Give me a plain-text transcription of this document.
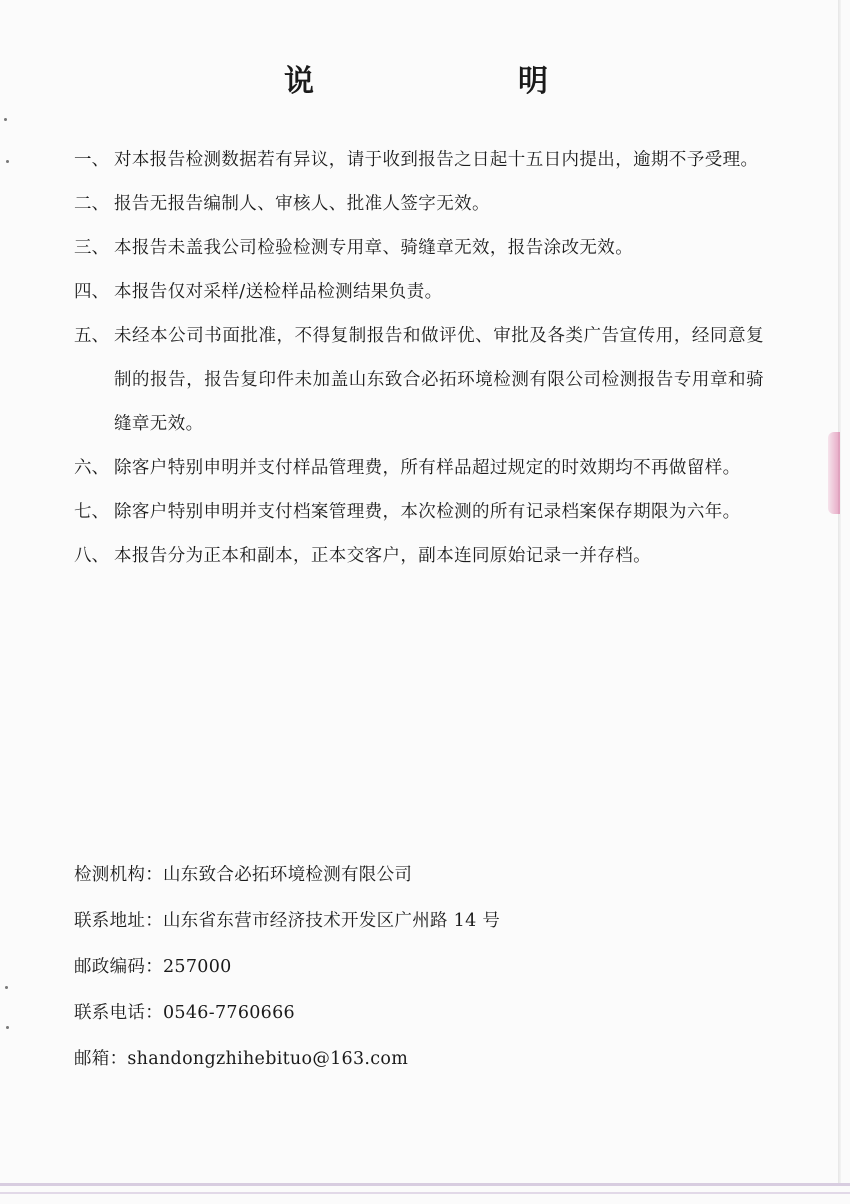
说	明
一、 对本报告检测数据若有异议，请于收到报告之日起十五日内提出，逾期不予受理。
二、 报告无报告编制人、审核人、批准人签字无效。
三、 本报告未盖我公司检验检测专用章、骑缝章无效，报告涂改无效。
四、 本报告仅对采样/送检样品检测结果负责。
五、 未经本公司书面批准，不得复制报告和做评优、审批及各类广告宣传用，经同意复制的报告，报告复印件未加盖山东致合必拓环境检测有限公司检测报告专用章和骑缝章无效。
六、 除客户特别申明并支付样品管理费，所有样品超过规定的时效期均不再做留样。
七、 除客户特别申明并支付档案管理费，本次检测的所有记录档案保存期限为六年。
八、 本报告分为正本和副本，正本交客户，副本连同原始记录一并存档。

检测机构：山东致合必拓环境检测有限公司

联系地址：山东省东营市经济技术开发区广州路 14 号

邮政编码：257000

联系电话：0546-7760666

邮箱：shandongzhihebituo@163.com
